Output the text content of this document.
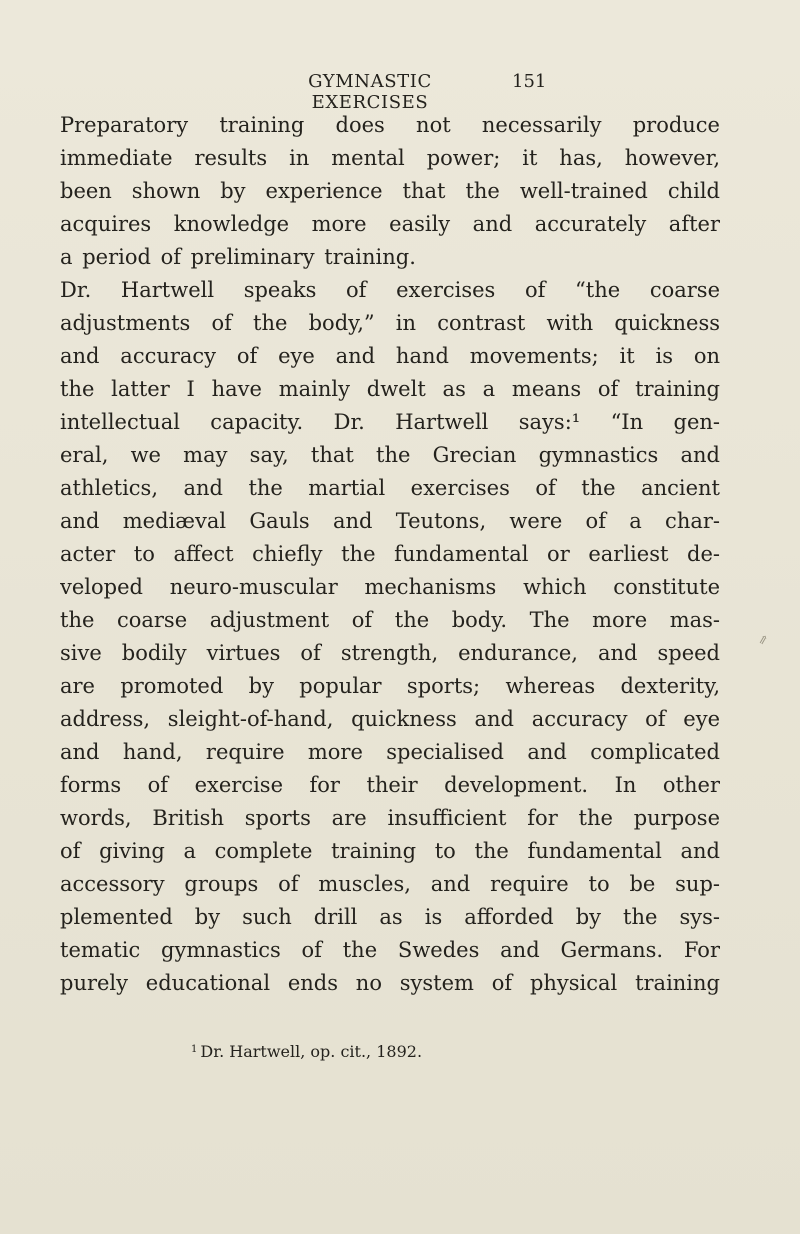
GYMNASTIC EXERCISES
151
Preparatory training does not necessarily produce
immediate results in mental power; it has, however,
been shown by experience that the well-trained child
acquires knowledge more easily and accurately after
a period of preliminary training.
Dr. Hartwell speaks of exercises of “the coarse
adjustments of the body,” in contrast with quickness
and accuracy of eye and hand movements; it is on
the latter I have mainly dwelt as a means of training
intellectual capacity. Dr. Hartwell says:¹ “In gen-
eral, we may say, that the Grecian gymnastics and
athletics, and the martial exercises of the ancient
and mediæval Gauls and Teutons, were of a char-
acter to affect chiefly the fundamental or earliest de-
veloped neuro-muscular mechanisms which constitute
the coarse adjustment of the body. The more mas-
sive bodily virtues of strength, endurance, and speed
are promoted by popular sports; whereas dexterity,
address, sleight-of-hand, quickness and accuracy of eye
and hand, require more specialised and complicated
forms of exercise for their development. In other
words, British sports are insufficient for the purpose
of giving a complete training to the fundamental and
accessory groups of muscles, and require to be sup-
plemented by such drill as is afforded by the sys-
tematic gymnastics of the Swedes and Germans. For
purely educational ends no system of physical training
$^1$ Dr. Hartwell, op. cit., 1892.
⇑
